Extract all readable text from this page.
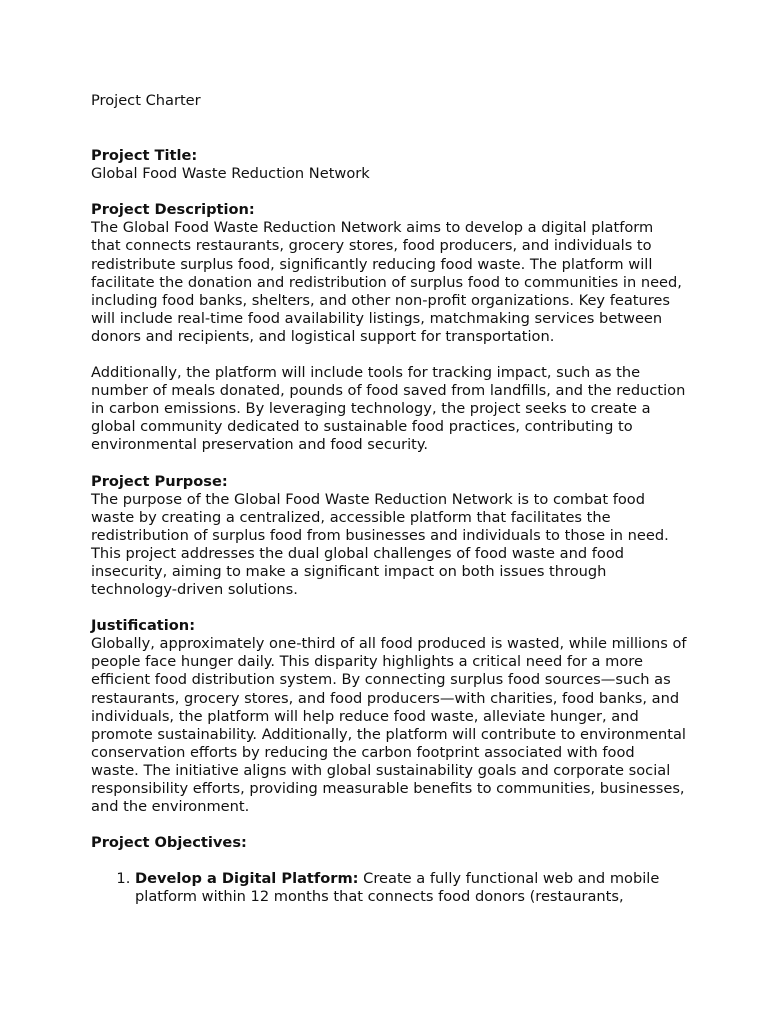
Project Charter

Project Title:

Global Food Waste Reduction Network

Project Description:

The Global Food Waste Reduction Network aims to develop a digital platform that connects restaurants, grocery stores, food producers, and individuals to redistribute surplus food, significantly reducing food waste. The platform will facilitate the donation and redistribution of surplus food to communities in need, including food banks, shelters, and other non-profit organizations. Key features will include real-time food availability listings, matchmaking services between donors and recipients, and logistical support for transportation.

Additionally, the platform will include tools for tracking impact, such as the number of meals donated, pounds of food saved from landfills, and the reduction in carbon emissions. By leveraging technology, the project seeks to create a global community dedicated to sustainable food practices, contributing to environmental preservation and food security.

Project Purpose:

The purpose of the Global Food Waste Reduction Network is to combat food waste by creating a centralized, accessible platform that facilitates the redistribution of surplus food from businesses and individuals to those in need. This project addresses the dual global challenges of food waste and food insecurity, aiming to make a significant impact on both issues through technology-driven solutions.

Justification:

Globally, approximately one-third of all food produced is wasted, while millions of people face hunger daily. This disparity highlights a critical need for a more efficient food distribution system. By connecting surplus food sources—such as restaurants, grocery stores, and food producers—with charities, food banks, and individuals, the platform will help reduce food waste, alleviate hunger, and promote sustainability. Additionally, the platform will contribute to environmental conservation efforts by reducing the carbon footprint associated with food waste. The initiative aligns with global sustainability goals and corporate social responsibility efforts, providing measurable benefits to communities, businesses, and the environment.

Project Objectives:

1. Develop a Digital Platform: Create a fully functional web and mobile platform within 12 months that connects food donors (restaurants,
